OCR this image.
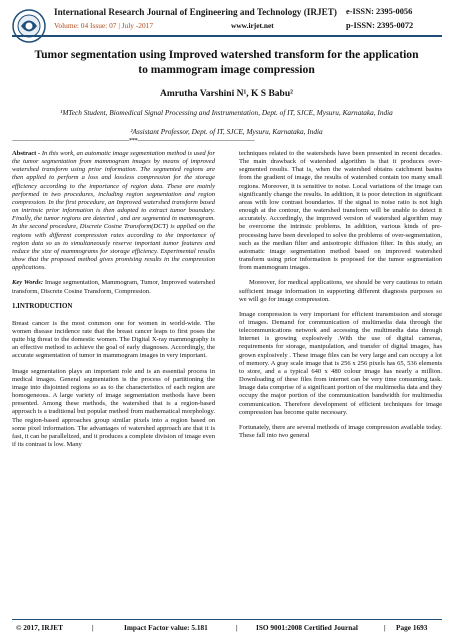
International Research Journal of Engineering and Technology (IRJET) e-ISSN: 2395-0056
Volume: 04 Issue: 07 | July -2017	www.irjet.net	p-ISSN: 2395-0072
Tumor segmentation using Improved watershed transform for the application to mammogram image compression
Amrutha Varshini N¹, K S Babu²
¹MTech Student, Biomedical Signal Processing and Instrumentation, Dept. of IT, SJCE, Mysuru, Karnataka, India
²Assistant Professor, Dept. of IT, SJCE, Mysuru, Karnataka, India
---------------------------------------------------------------------***---------------------------------------------------------------------

Abstract - In this work, an automatic image segmentation method is used for the tumor segmentation from mammogram images by means of improved watershed transform using prior information. The segmented regions are then applied to perform a loss and lossless compression for the storage efficiency according to the importance of region data. These are mainly performed in two procedures, including region segmentation and region compression. In the first procedure, an Improved watershed transform based on intrinsic prior information is then adopted to extract tumor boundary. Finally, the tumor regions are detected , and are segmented in mammogram. In the second procedure, Discrete Cosine Transform(DCT) is applied on the regions with different compression rates according to the importance of region data so as to simultaneously reserve important tumor features and reduce the size of mammograms for storage efficiency. Experimental results show that the proposed method gives promising results in the compression applications.

Key Words: Image segmentation, Mammogram, Tumor, Improved watershed transform, Discrete Cosine Transform, Compression.

1.INTRODUCTION

Breast cancer is the most common one for women in world-wide. The women disease incidence rate that the breast cancer leaps to first poses the quite big threat to the domestic women. The Digital X-ray mammography is an effective method to achieve the goal of early diagnoses. Accordingly, the accurate segmentation of tumor in mammogram images in very important.

Image segmentation plays an important role and is an essential process in medical images. General segmentation is the process of partitioning the image into disjointed regions so as to the characteristics of each region are homogeneous. A large variety of image segmentation methods have been presented. Among these methods, the watershed that is a region-based approach is a traditional but popular method from mathematical morphology. The region-based approaches group similar pixels into a region based on some pixel information. The advantages of watershed approach are that it is fast, it can be parallelized, and it produces a complete division of image even if its contrast is low. Many

techniques related to the watersheds have been presented in recent decades. The main drawback of watershed algorithm is that it produces over-segmented results. That is, when the watershed obtains catchment basins from the gradient of image, the results of watershed contain too many small regions. Moreover, it is sensitive to noise. Local variations of the image can significantly change the results. In addition, it is poor detection in significant areas with low contrast boundaries. If the signal to noise ratio is not high enough at the contour, the watershed transform will be unable to detect it accurately. Accordingly, the improved version of watershed algorithm may be overcome the intrinsic problems. In addition, various kinds of pre-processing have been developed to solve the problems of over-segmentation, such as the median filter and anisotropic diffusion filter. In this study, an automatic image segmentation method based on improved watershed transform using prior information is proposed for the tumor segmentation from mammogram images.

Moreover, for medical applications, we should be very cautious to retain sufficient image information in supporting different diagnosis purposes so we will go for image compression.

Image compression is very important for efficient transmission and storage of images. Demand for communication of multimedia data through the telecommunications network and accessing the multimedia data through Internet is growing explosively .With the use of digital cameras, requirements for storage, manipulation, and transfer of digital images, has grown explosively . These image files can be very large and can occupy a lot of memory. A gray scale image that is 256 x 256 pixels has 65, 536 elements to store, and a a typical 640 x 480 colour image has nearly a million. Downloading of these files from internet can be very time consuming task. Image data comprise of a significant portion of the multimedia data and they occupy the major portion of the communication bandwidth for multimedia communication. Therefore development of efficient techniques for image compression has become quite necessary.

Fortunately, there are several methods of image compression available today. These fall into two general

© 2017, IRJET	|	Impact Factor value: 5.181	|	ISO 9001:2008 Certified Journal	| Page 1693
